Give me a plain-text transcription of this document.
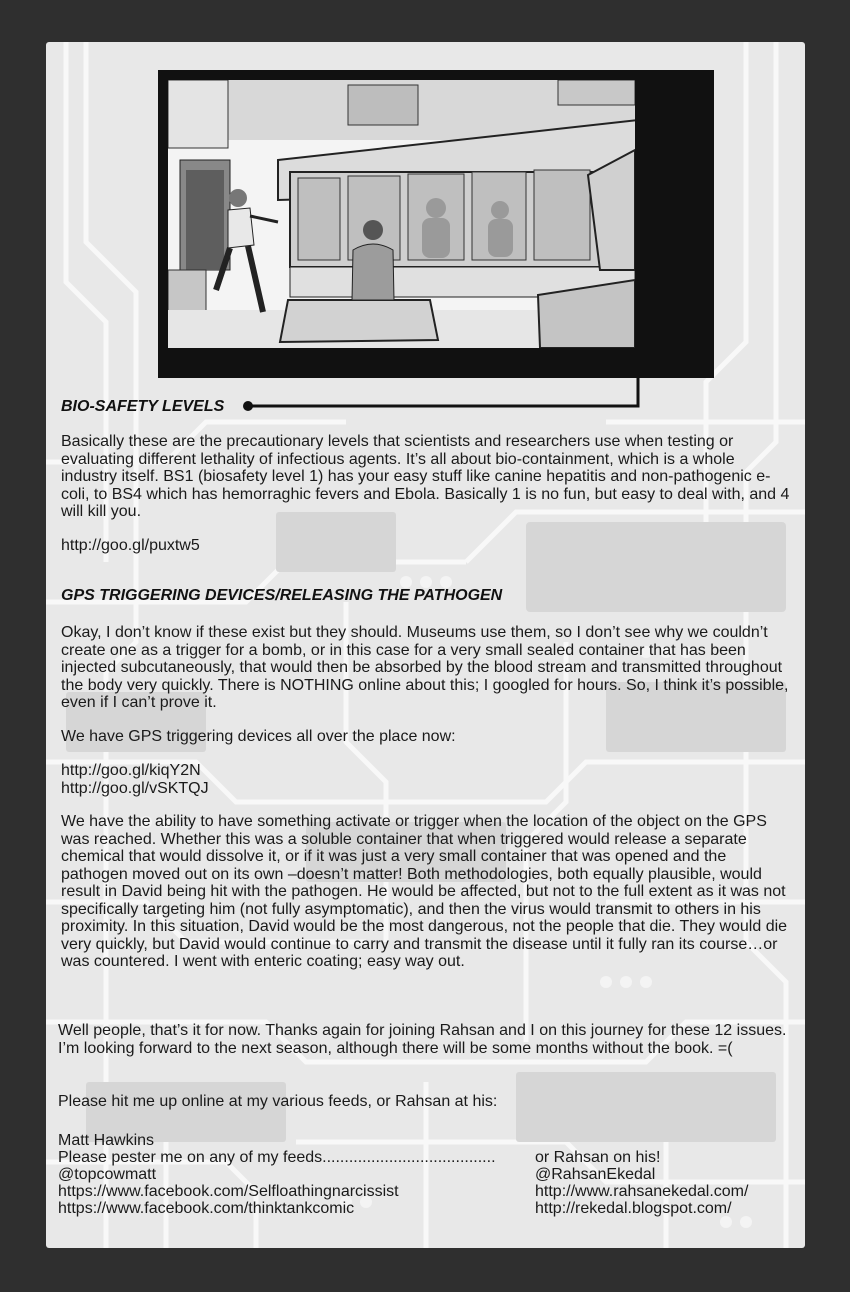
BIO-SAFETY LEVELS

Basically these are the precautionary levels that scientists and researchers use when testing or evaluating different lethality of infectious agents. It’s all about bio-containment, which is a whole industry itself. BS1 (biosafety level 1) has your easy stuff like canine hepatitis and non-pathogenic e-coli, to BS4 which has hemorraghic fevers and Ebola. Basically 1 is no fun, but easy to deal with, and 4 will kill you.

http://goo.gl/puxtw5

GPS TRIGGERING DEVICES/RELEASING THE PATHOGEN

Okay, I don’t know if these exist but they should. Museums use them, so I don’t see why we couldn’t create one as a trigger for a bomb, or in this case for a very small sealed container that has been injected subcutaneously, that would then be absorbed by the blood stream and transmitted throughout the body very quickly. There is NOTHING online about this; I googled for hours. So, I think it’s possible, even if I can’t prove it.

We have GPS triggering devices all over the place now:

http://goo.gl/kiqY2N
http://goo.gl/vSKTQJ

We have the ability to have something activate or trigger when the location of the object on the GPS was reached. Whether this was a soluble container that when triggered would release a separate chemical that would dissolve it, or if it was just a very small container that was opened and the pathogen moved out on its own –doesn’t matter! Both methodologies, both equally plausible, would result in David being hit with the pathogen. He would be affected, but not to the full extent as it was not specifically targeting him (not fully asymptomatic), and then the virus would transmit to others in his proximity. In this situation, David would be the most dangerous, not the people that die. They would die very quickly, but David would continue to carry and transmit the disease until it fully ran its course…or was countered. I went with enteric coating; easy way out.

Well people, that’s it for now. Thanks again for joining Rahsan and I on this journey for these 12 issues. I’m looking forward to the next season, although there will be some months without the book. =(

Please hit me up online at my various feeds, or Rahsan at his:

Matt Hawkins
Please pester me on any of my feeds....................................... or Rahsan on his!
@topcowmatt	@RahsanEkedal
https://www.facebook.com/Selfloathingnarcissist	http://www.rahsanekedal.com/
https://www.facebook.com/thinktankcomic	http://rekedal.blogspot.com/
